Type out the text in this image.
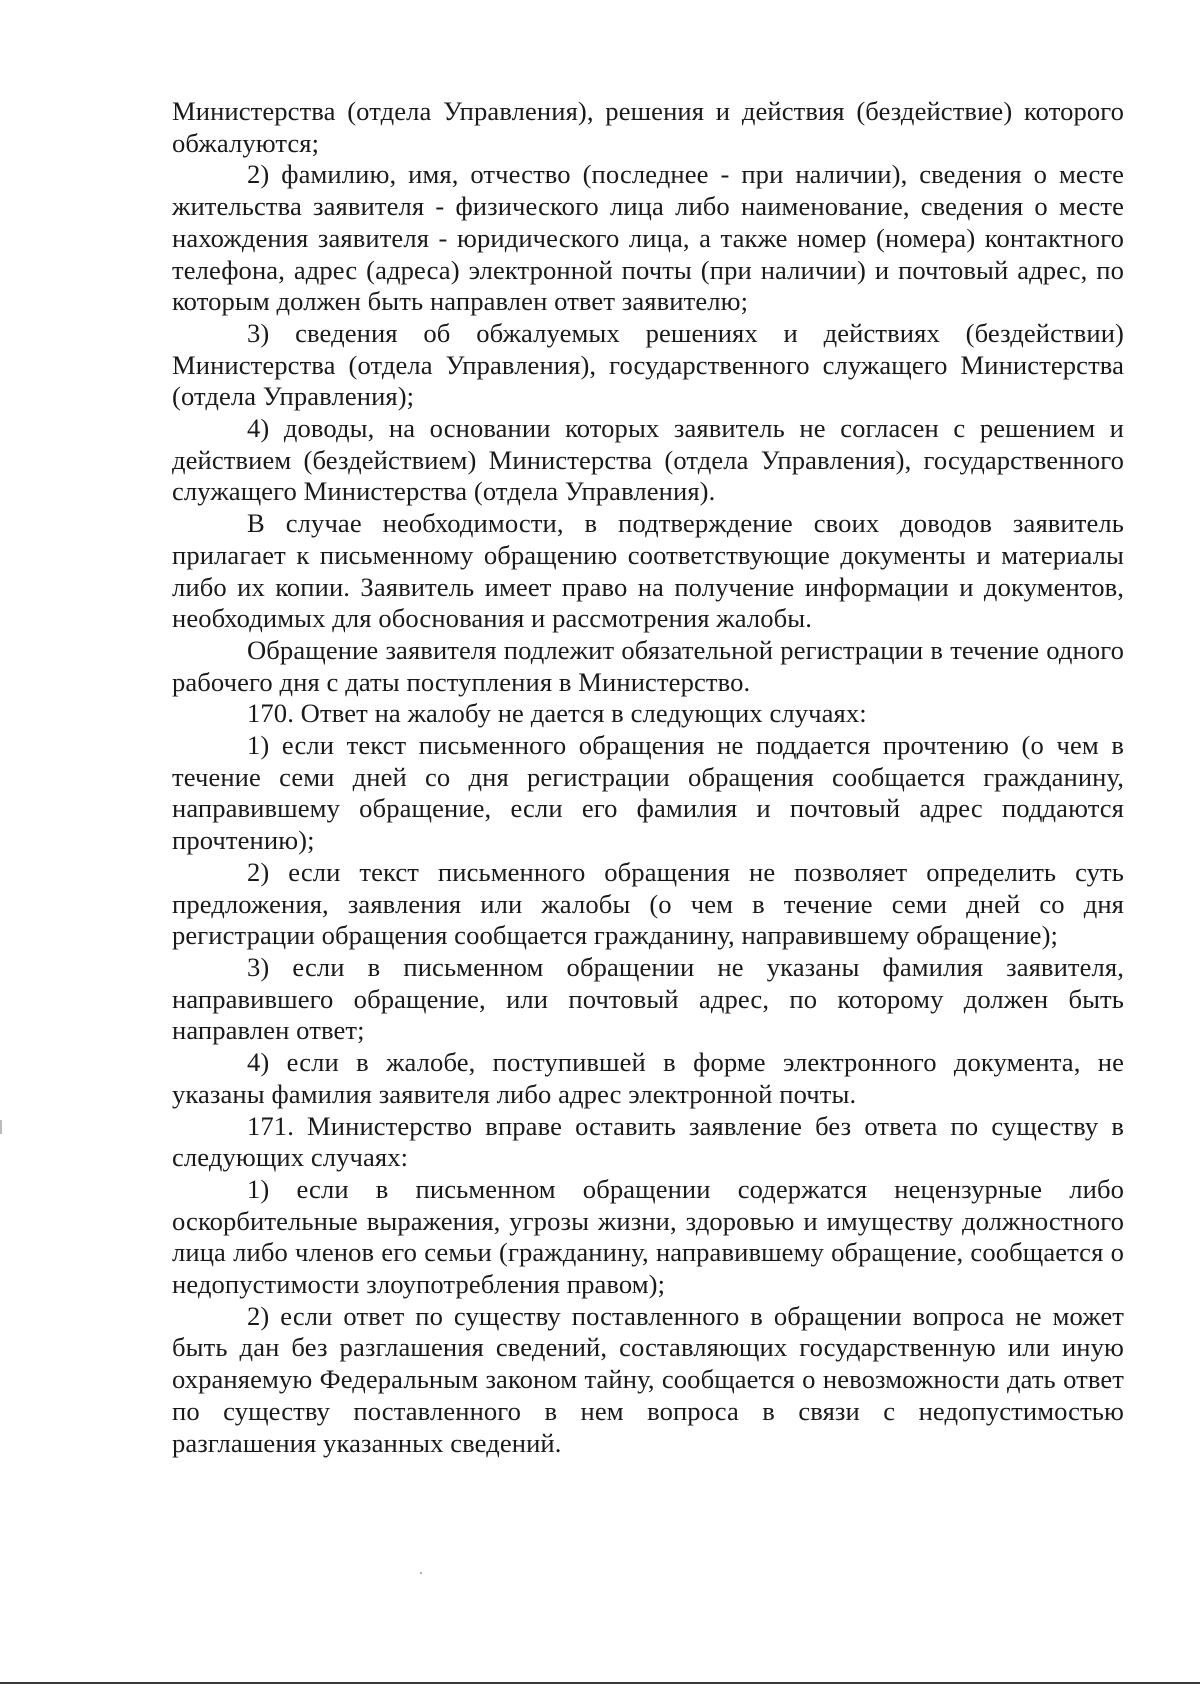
Министерства (отдела Управления), решения и действия (бездействие) которого обжалуются;

2) фамилию, имя, отчество (последнее - при наличии), сведения о месте жительства заявителя - физического лица либо наименование, сведения о месте нахождения заявителя - юридического лица, а также номер (номера) контактного телефона, адрес (адреса) электронной почты (при наличии) и почтовый адрес, по которым должен быть направлен ответ заявителю;

3) сведения об обжалуемых решениях и действиях (бездействии) Министерства (отдела Управления), государственного служащего Министерства (отдела Управления);

4) доводы, на основании которых заявитель не согласен с решением и действием (бездействием) Министерства (отдела Управления), государственного служащего Министерства (отдела Управления).

В случае необходимости, в подтверждение своих доводов заявитель прилагает к письменному обращению соответствующие документы и материалы либо их копии. Заявитель имеет право на получение информации и документов, необходимых для обоснования и рассмотрения жалобы.

Обращение заявителя подлежит обязательной регистрации в течение одного рабочего дня с даты поступления в Министерство.

170. Ответ на жалобу не дается в следующих случаях:

1) если текст письменного обращения не поддается прочтению (о чем в течение семи дней со дня регистрации обращения сообщается гражданину, направившему обращение, если его фамилия и почтовый адрес поддаются прочтению);

2) если текст письменного обращения не позволяет определить суть предложения, заявления или жалобы (о чем в течение семи дней со дня регистрации обращения сообщается гражданину, направившему обращение);

3) если в письменном обращении не указаны фамилия заявителя, направившего обращение, или почтовый адрес, по которому должен быть направлен ответ;

4) если в жалобе, поступившей в форме электронного документа, не указаны фамилия заявителя либо адрес электронной почты.

171. Министерство вправе оставить заявление без ответа по существу в следующих случаях:

1) если в письменном обращении содержатся нецензурные либо оскорбительные выражения, угрозы жизни, здоровью и имуществу должностного лица либо членов его семьи (гражданину, направившему обращение, сообщается о недопустимости злоупотребления правом);

2) если ответ по существу поставленного в обращении вопроса не может быть дан без разглашения сведений, составляющих государственную или иную охраняемую Федеральным законом тайну, сообщается о невозможности дать ответ по существу поставленного в нем вопроса в связи с недопустимостью разглашения указанных сведений.
